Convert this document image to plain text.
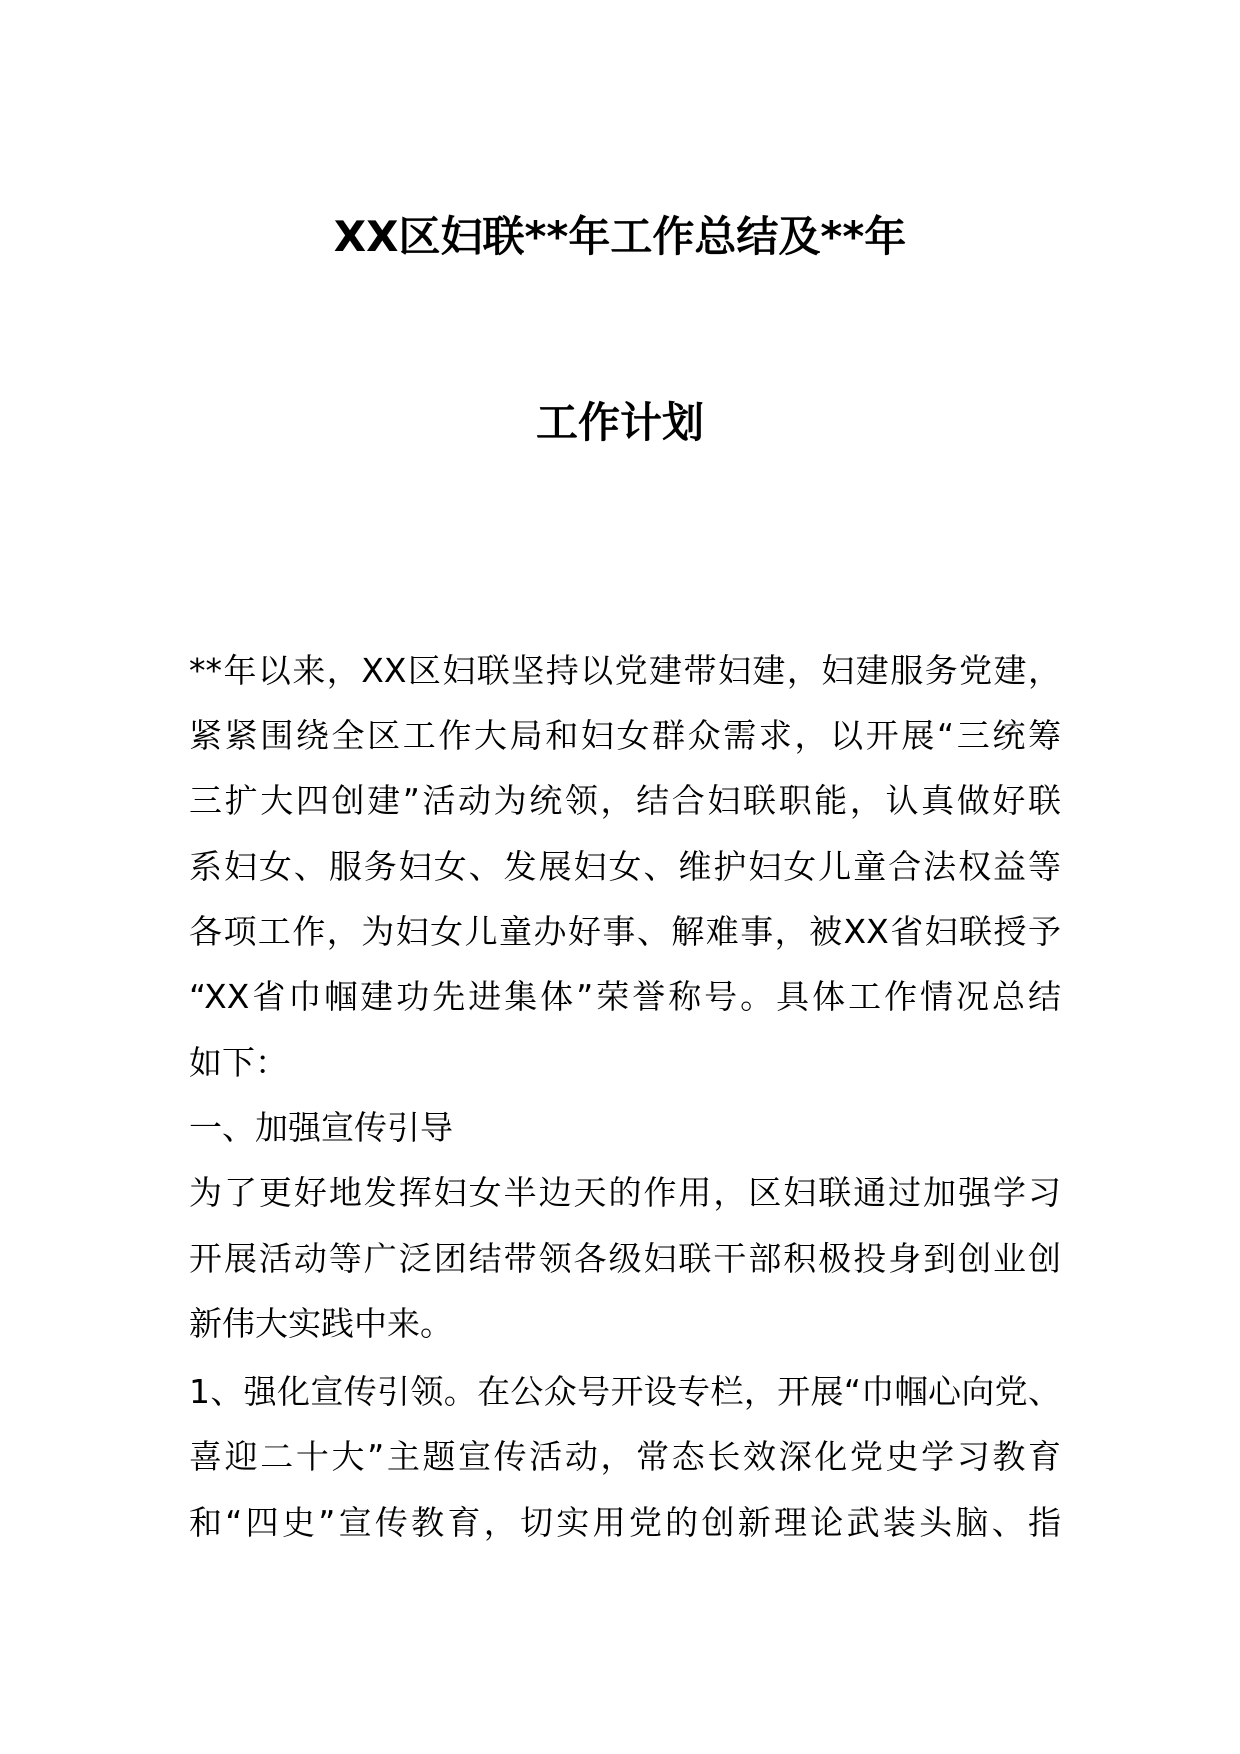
XX区妇联**年工作总结及**年
工作计划
**年以来，XX区妇联坚持以党建带妇建，妇建服务党建，
紧紧围绕全区工作大局和妇女群众需求，以开展“三统筹
三扩大四创建”活动为统领，结合妇联职能，认真做好联
系妇女、服务妇女、发展妇女、维护妇女儿童合法权益等
各项工作，为妇女儿童办好事、解难事，被XX省妇联授予
“XX省巾帼建功先进集体”荣誉称号。具体工作情况总结
如下：
一、加强宣传引导
为了更好地发挥妇女半边天的作用，区妇联通过加强学习
开展活动等广泛团结带领各级妇联干部积极投身到创业创
新伟大实践中来。
1、强化宣传引领。在公众号开设专栏，开展“巾帼心向党、
喜迎二十大”主题宣传活动，常态长效深化党史学习教育
和“四史”宣传教育，切实用党的创新理论武装头脑、指
